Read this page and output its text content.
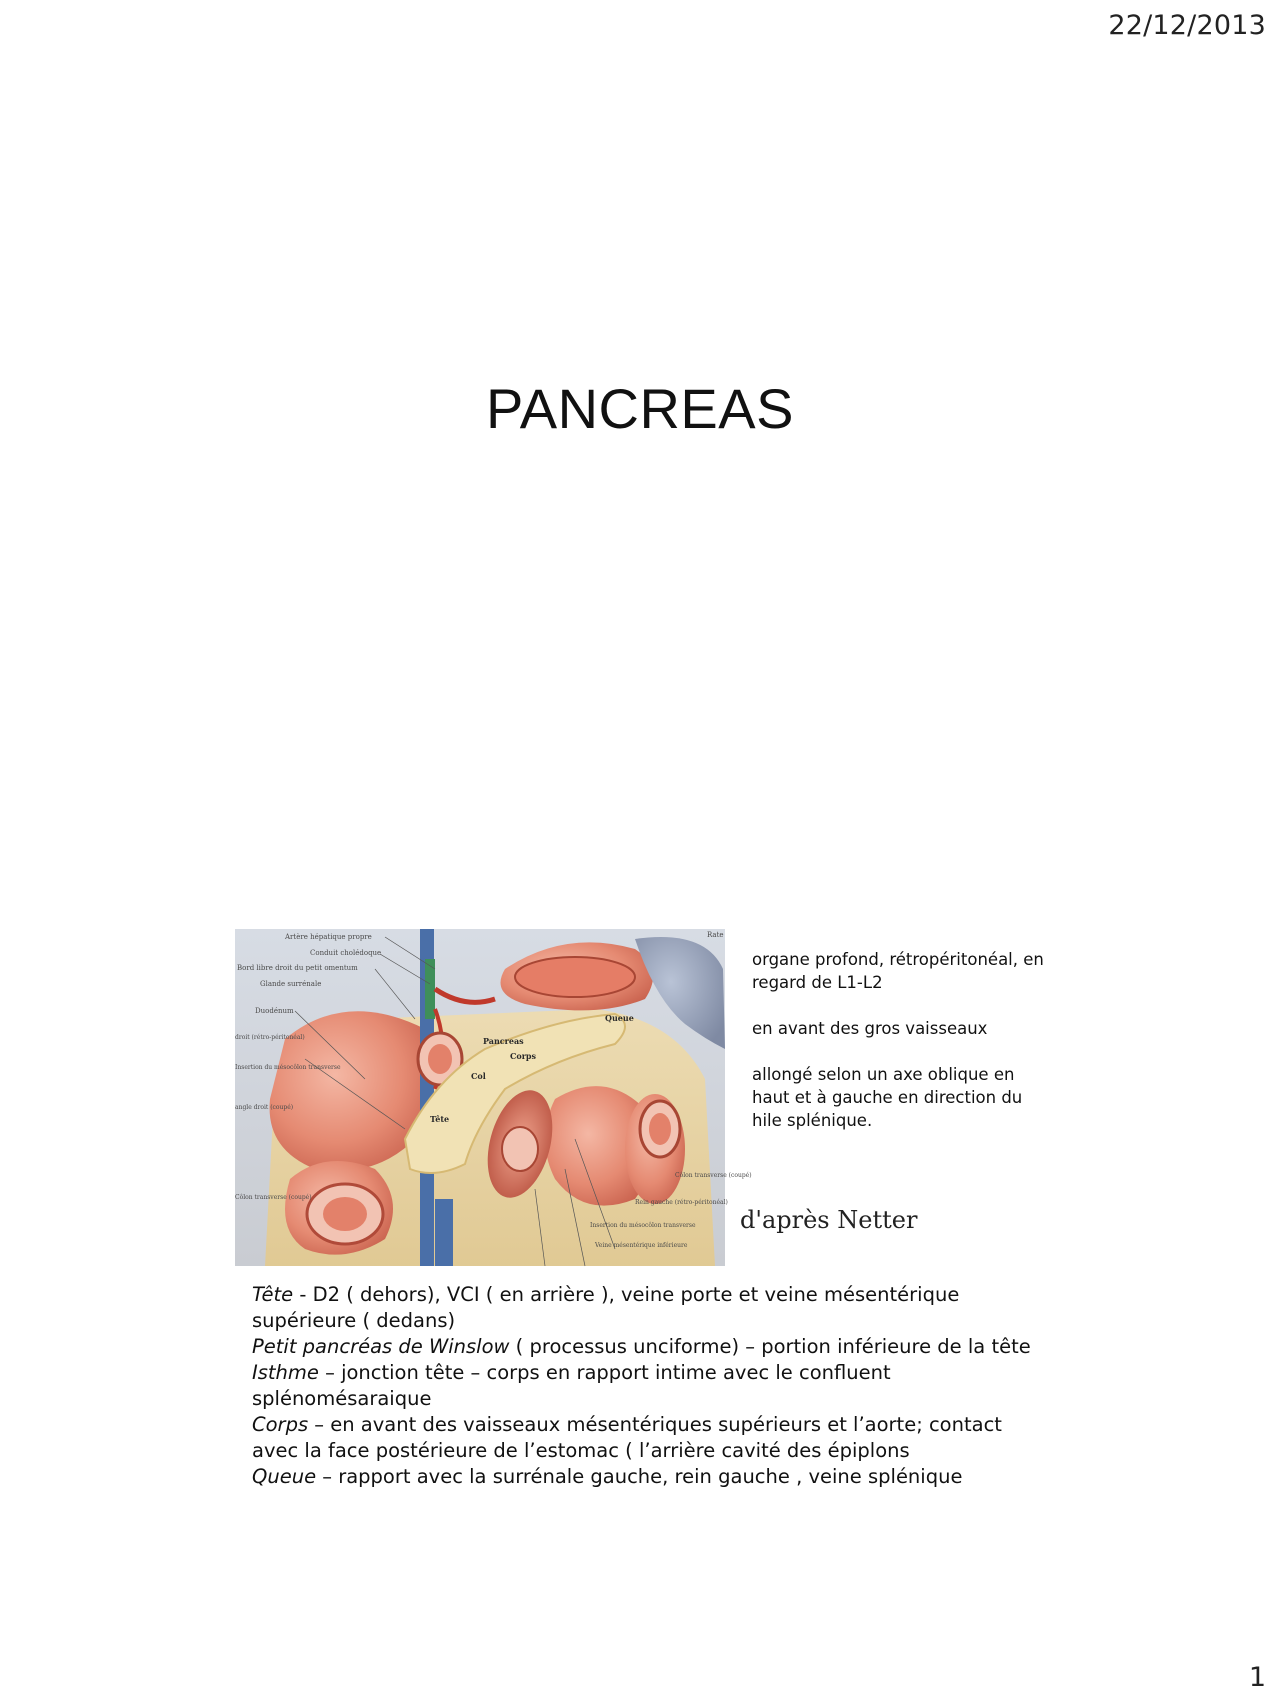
22/12/2013
PANCREAS
Artère hépatique propre
Conduit cholédoque
Bord libre droit du petit omentum
Glande surrénale
Duodénum
droit (rétro-péritonéal)
Insertion du mésocôlon transverse
angle droit (coupé)
Côlon transverse (coupé)
Pancreas
Corps
Col
Tête
Queue
Rate
Côlon transverse (coupé)
Rein gauche (rétro-péritonéal)
Insertion du mésocôlon transverse
Veine mésentérique inférieure

organe profond, rétropéritonéal, en regard de L1-L2

en avant des gros vaisseaux

allongé selon un axe oblique en haut et à gauche en direction du hile splénique.

d'après Netter

Tête - D2 ( dehors), VCI ( en arrière ), veine porte et veine mésentérique supérieure ( dedans)

Petit pancréas de Winslow ( processus unciforme) – portion inférieure de la tête

Isthme – jonction tête – corps en rapport intime avec le confluent splénomésaraique

Corps – en avant des vaisseaux mésentériques supérieurs et l’aorte; contact avec la face postérieure de l’estomac ( l’arrière cavité des épiplons

Queue – rapport avec la surrénale gauche, rein gauche , veine splénique

1
